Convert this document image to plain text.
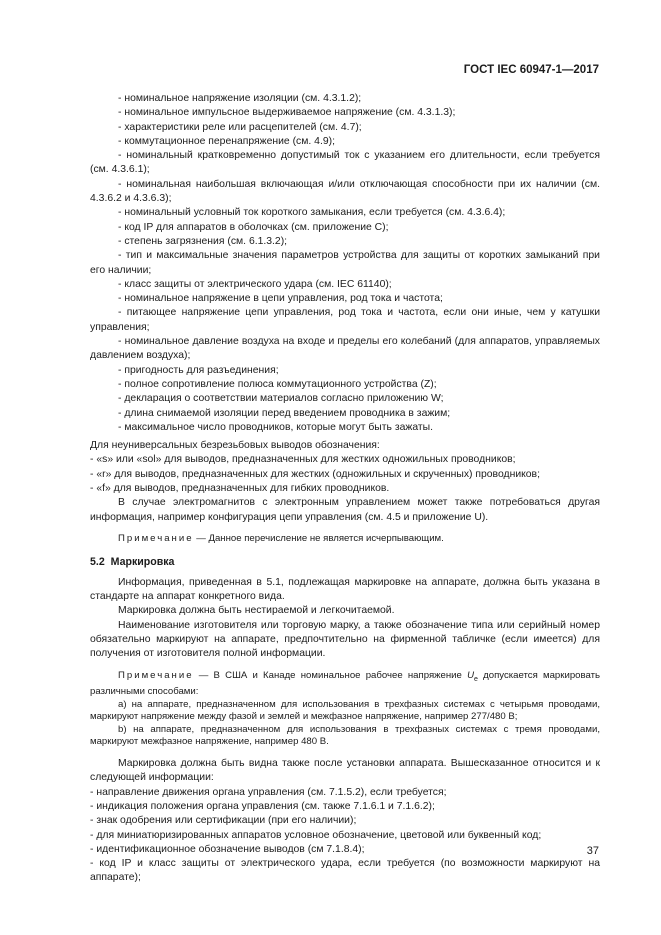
ГОСТ IEC 60947-1—2017

- номинальное напряжение изоляции (см. 4.3.1.2);

- номинальное импульсное выдерживаемое напряжение (см. 4.3.1.3);

- характеристики реле или расцепителей (см. 4.7);

- коммутационное перенапряжение (см. 4.9);

- номинальный кратковременно допустимый ток с указанием его длительности, если требуется (см. 4.3.6.1);

- номинальная наибольшая включающая и/или отключающая способности при их наличии (см. 4.3.6.2 и 4.3.6.3);

- номинальный условный ток короткого замыкания, если требуется (см. 4.3.6.4);

- код IP для аппаратов в оболочках (см. приложение С);

- степень загрязнения (см. 6.1.3.2);

- тип и максимальные значения параметров устройства для защиты от коротких замыканий при его наличии;

- класс защиты от электрического удара (см. IEC 61140);

- номинальное напряжение в цепи управления, род тока и частота;

- питающее напряжение цепи управления, род тока и частота, если они иные, чем у катушки управления;

- номинальное давление воздуха на входе и пределы его колебаний (для аппаратов, управляемых давлением воздуха);

- пригодность для разъединения;

- полное сопротивление полюса коммутационного устройства (Z);

- декларация о соответствии материалов согласно приложению W;

- длина снимаемой изоляции перед введением проводника в зажим;

- максимальное число проводников, которые могут быть зажаты.

Для неуниверсальных безрезьбовых выводов обозначения:

- «s» или «sol» для выводов, предназначенных для жестких одножильных проводников;

- «r» для выводов, предназначенных для жестких (одножильных и скрученных) проводников;

- «f» для выводов, предназначенных для гибких проводников.

В случае электромагнитов с электронным управлением может также потребоваться другая информация, например конфигурация цепи управления (см. 4.5 и приложение U).

Примечание — Данное перечисление не является исчерпывающим.

5.2 Маркировка

Информация, приведенная в 5.1, подлежащая маркировке на аппарате, должна быть указана в стандарте на аппарат конкретного вида.

Маркировка должна быть нестираемой и легкочитаемой.

Наименование изготовителя или торговую марку, а также обозначение типа или серийный номер обязательно маркируют на аппарате, предпочтительно на фирменной табличке (если имеется) для получения от изготовителя полной информации.

Примечание — В США и Канаде номинальное рабочее напряжение $U_e$ допускается маркировать различными способами:

а) на аппарате, предназначенном для использования в трехфазных системах с четырьмя проводами, маркируют напряжение между фазой и землей и межфазное напряжение, например 277/480 В;

b) на аппарате, предназначенном для использования в трехфазных системах с тремя проводами, маркируют межфазное напряжение, например 480 В.

Маркировка должна быть видна также после установки аппарата. Вышесказанное относится и к следующей информации:

- направление движения органа управления (см. 7.1.5.2), если требуется;

- индикация положения органа управления (см. также 7.1.6.1 и 7.1.6.2);

- знак одобрения или сертификации (при его наличии);

- для миниатюризированных аппаратов условное обозначение, цветовой или буквенный код;

- идентификационное обозначение выводов (см 7.1.8.4);

- код IP и класс защиты от электрического удара, если требуется (по возможности маркируют на аппарате);

37
